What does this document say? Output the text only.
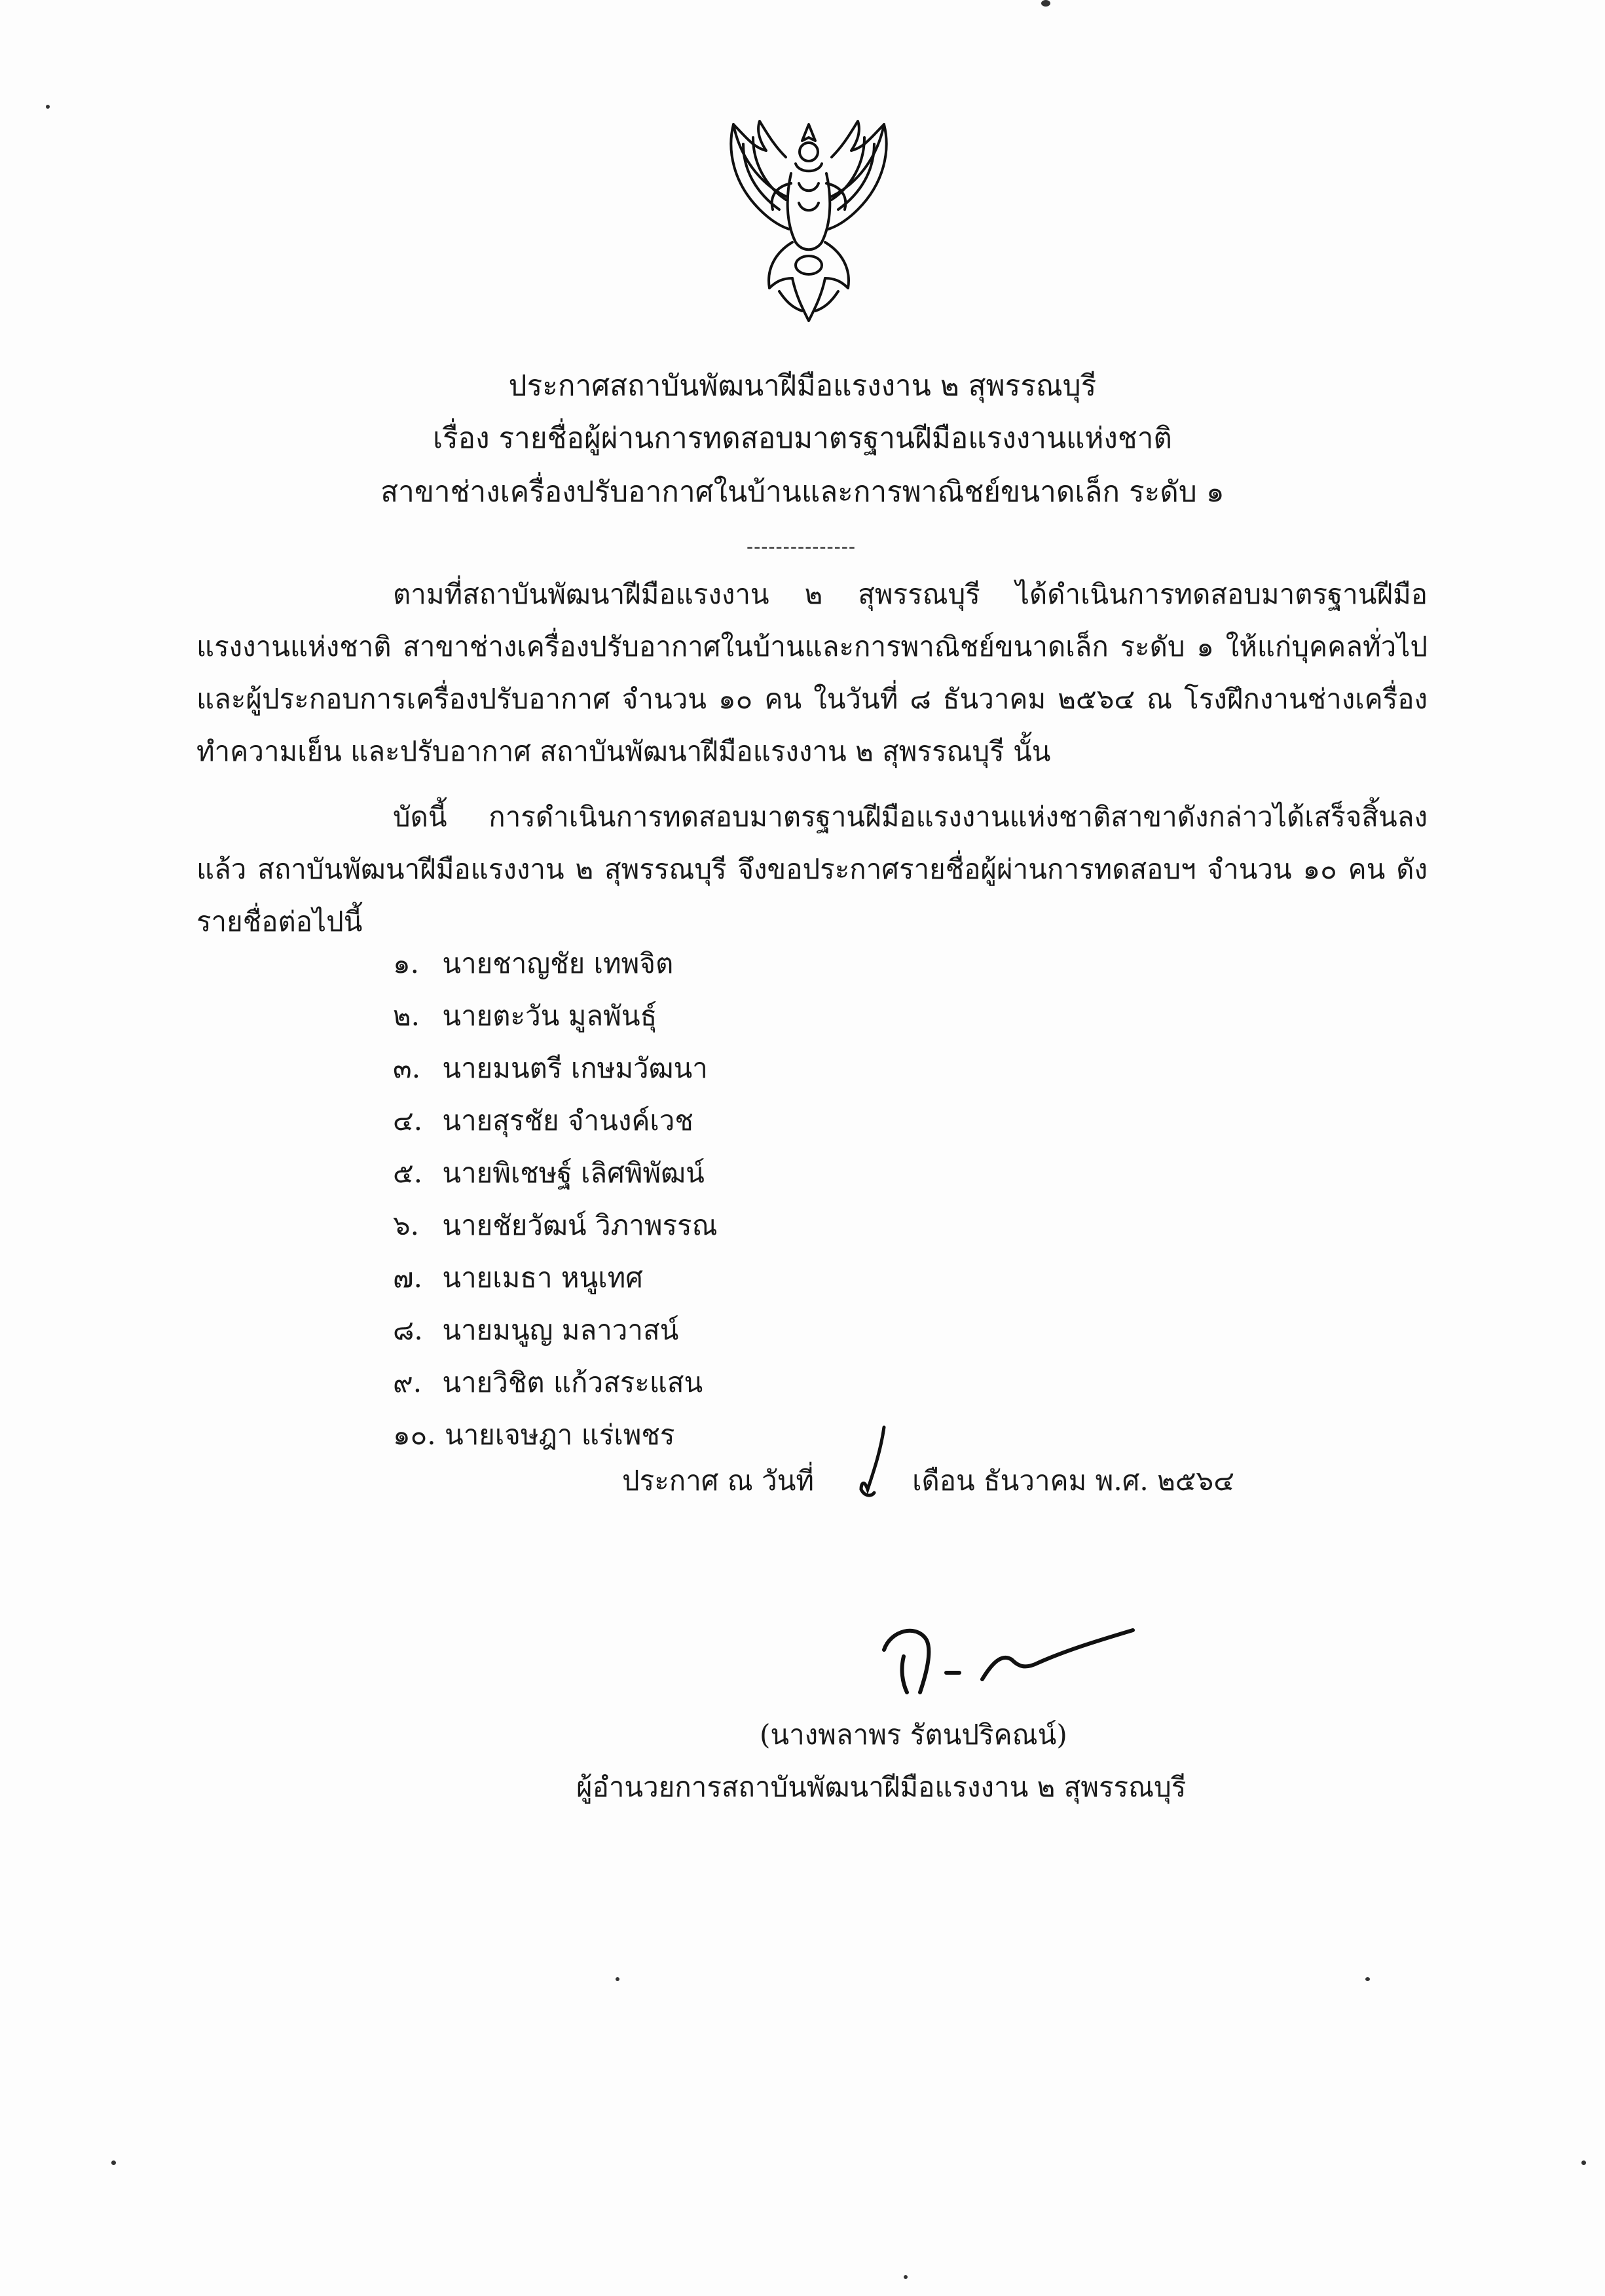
ประกาศสถาบันพัฒนาฝีมือแรงงาน ๒ สุพรรณบุรี
เรื่อง รายชื่อผู้ผ่านการทดสอบมาตรฐานฝีมือแรงงานแห่งชาติ
สาขาช่างเครื่องปรับอากาศในบ้านและการพาณิชย์ขนาดเล็ก ระดับ ๑
---------------
ตามที่สถาบันพัฒนาฝีมือแรงงาน ๒ สุพรรณบุรี ได้ดำเนินการทดสอบมาตรฐานฝีมือแรงงานแห่งชาติ สาขาช่างเครื่องปรับอากาศในบ้านและการพาณิชย์ขนาดเล็ก ระดับ ๑ ให้แก่บุคคลทั่วไปและผู้ประกอบการเครื่องปรับอากาศ จำนวน ๑๐ คน ในวันที่ ๘ ธันวาคม ๒๕๖๔ ณ โรงฝึกงานช่างเครื่องทำความเย็น และปรับอากาศ สถาบันพัฒนาฝีมือแรงงาน ๒ สุพรรณบุรี นั้น
บัดนี้ การดำเนินการทดสอบมาตรฐานฝีมือแรงงานแห่งชาติสาขาดังกล่าวได้เสร็จสิ้นลงแล้ว สถาบันพัฒนาฝีมือแรงงาน ๒ สุพรรณบุรี จึงขอประกาศรายชื่อผู้ผ่านการทดสอบฯ จำนวน ๑๐ คน ดังรายชื่อต่อไปนี้
๑. นายชาญชัย เทพจิต
๒. นายตะวัน มูลพันธุ์
๓. นายมนตรี เกษมวัฒนา
๔. นายสุรชัย จำนงค์เวช
๕. นายพิเชษฐ์ เลิศพิพัฒน์
๖. นายชัยวัฒน์ วิภาพรรณ
๗. นายเมธา หนูเทศ
๘. นายมนูญ มลาวาสน์
๙. นายวิชิต แก้วสระแสน
๑๐. นายเจษฎา แร่เพชร
ประกาศ ณ วันที่	เดือน ธันวาคม พ.ศ. ๒๕๖๔
(นางพลาพร รัตนปริคณน์)
ผู้อำนวยการสถาบันพัฒนาฝีมือแรงงาน ๒ สุพรรณบุรี
